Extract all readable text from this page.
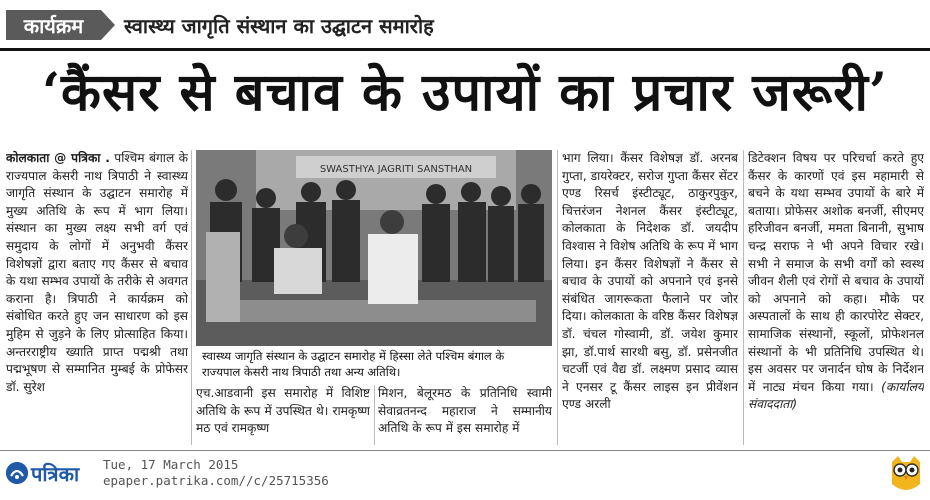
कार्यक्रम	स्वास्थ्य जागृति संस्थान का उद्घाटन समारोह
‘कैंसर से बचाव के उपायों का प्रचार जरूरी’
कोलकाता @ पत्रिका . पश्चिम बंगाल के राज्यपाल केसरी नाथ त्रिपाठी ने स्वास्थ्य जागृति संस्थान के उद्घाटन समारोह में मुख्य अतिथि के रूप में भाग लिया। संस्थान का मुख्य लक्ष्य सभी वर्ग एवं समुदाय के लोगों में अनुभवी कैंसर विशेषज्ञों द्वारा बताए गए कैंसर से बचाव के यथा सम्भव उपायों के तरीके से अवगत कराना है। त्रिपाठी ने कार्यक्रम को संबोधित करते हुए जन साधारण को इस मुहिम से जुड़ने के लिए प्रोत्साहित किया। अन्तरराष्ट्रीय ख्याति प्राप्त पद्मश्री तथा पद्मभूषण से सम्मानित मुम्बई के प्रोफेसर डॉ. सुरेश
SWASTHYA JAGRITI SANSTHAN
स्वास्थ्य जागृति संस्थान के उद्घाटन समारोह में हिस्सा लेते पश्चिम बंगाल के राज्यपाल केसरी नाथ त्रिपाठी तथा अन्य अतिथि।
एच.आडवानी इस समारोह में विशिष्ट अतिथि के रूप में उपस्थित थे। रामकृष्ण मठ एवं रामकृष्ण
मिशन, बेलूरमठ के प्रतिनिधि स्वामी सेवाव्रतनन्द महाराज ने सम्मानीय अतिथि के रूप में इस समारोह में
भाग लिया। कैंसर विशेषज्ञ डॉ. अरनब गुप्ता, डायरेक्टर, सरोज गुप्ता कैंसर सेंटर एण्ड रिसर्च इंस्टीट्यूट, ठाकुरपुकुर, चित्तरंजन नेशनल कैंसर इंस्टीट्यूट, कोलकाता के निदेशक डॉ. जयदीप विश्वास ने विशेष अतिथि के रूप में भाग लिया। इन कैंसर विशेषज्ञों ने कैंसर से बचाव के उपायों को अपनाने एवं इनसे संबंधित जागरूकता फैलाने पर जोर दिया। कोलकाता के वरिष्ठ कैंसर विशेषज्ञ डॉ. चंचल गोस्वामी, डॉ. जयेश कुमार झा, डॉ.पार्थ सारथी बसु, डॉ. प्रसेनजीत चटर्जी एवं वैद्य डॉ. लक्ष्मण प्रसाद व्यास ने एनसर टू कैंसर लाइस इन प्रीवेंशन एण्ड अरली
डिटेक्शन विषय पर परिचर्चा करते हुए कैंसर के कारणों एवं इस महामारी से बचने के यथा सम्भव उपायों के बारे में बताया। प्रोफेसर अशोक बनर्जी, सीएमए हरिजीवन बनर्जी, ममता बिनानी, सुभाष चन्द्र सराफ ने भी अपने विचार रखे। सभी ने समाज के सभी वर्गों को स्वस्थ जीवन शैली एवं रोगों से बचाव के उपायों को अपनाने को कहा। मौके पर अस्पतालों के साथ ही कारपोरेट सेक्टर, सामाजिक संस्थानों, स्कूलों, प्रोफेशनल संस्थानों के भी प्रतिनिधि उपस्थित थे। इस अवसर पर जनार्दन घोष के निर्देशन में नाट्य मंचन किया गया। (कार्यालय संवाददाता)
पत्रिका Tue, 17 March 2015
epaper.patrika.com//c/25715356
